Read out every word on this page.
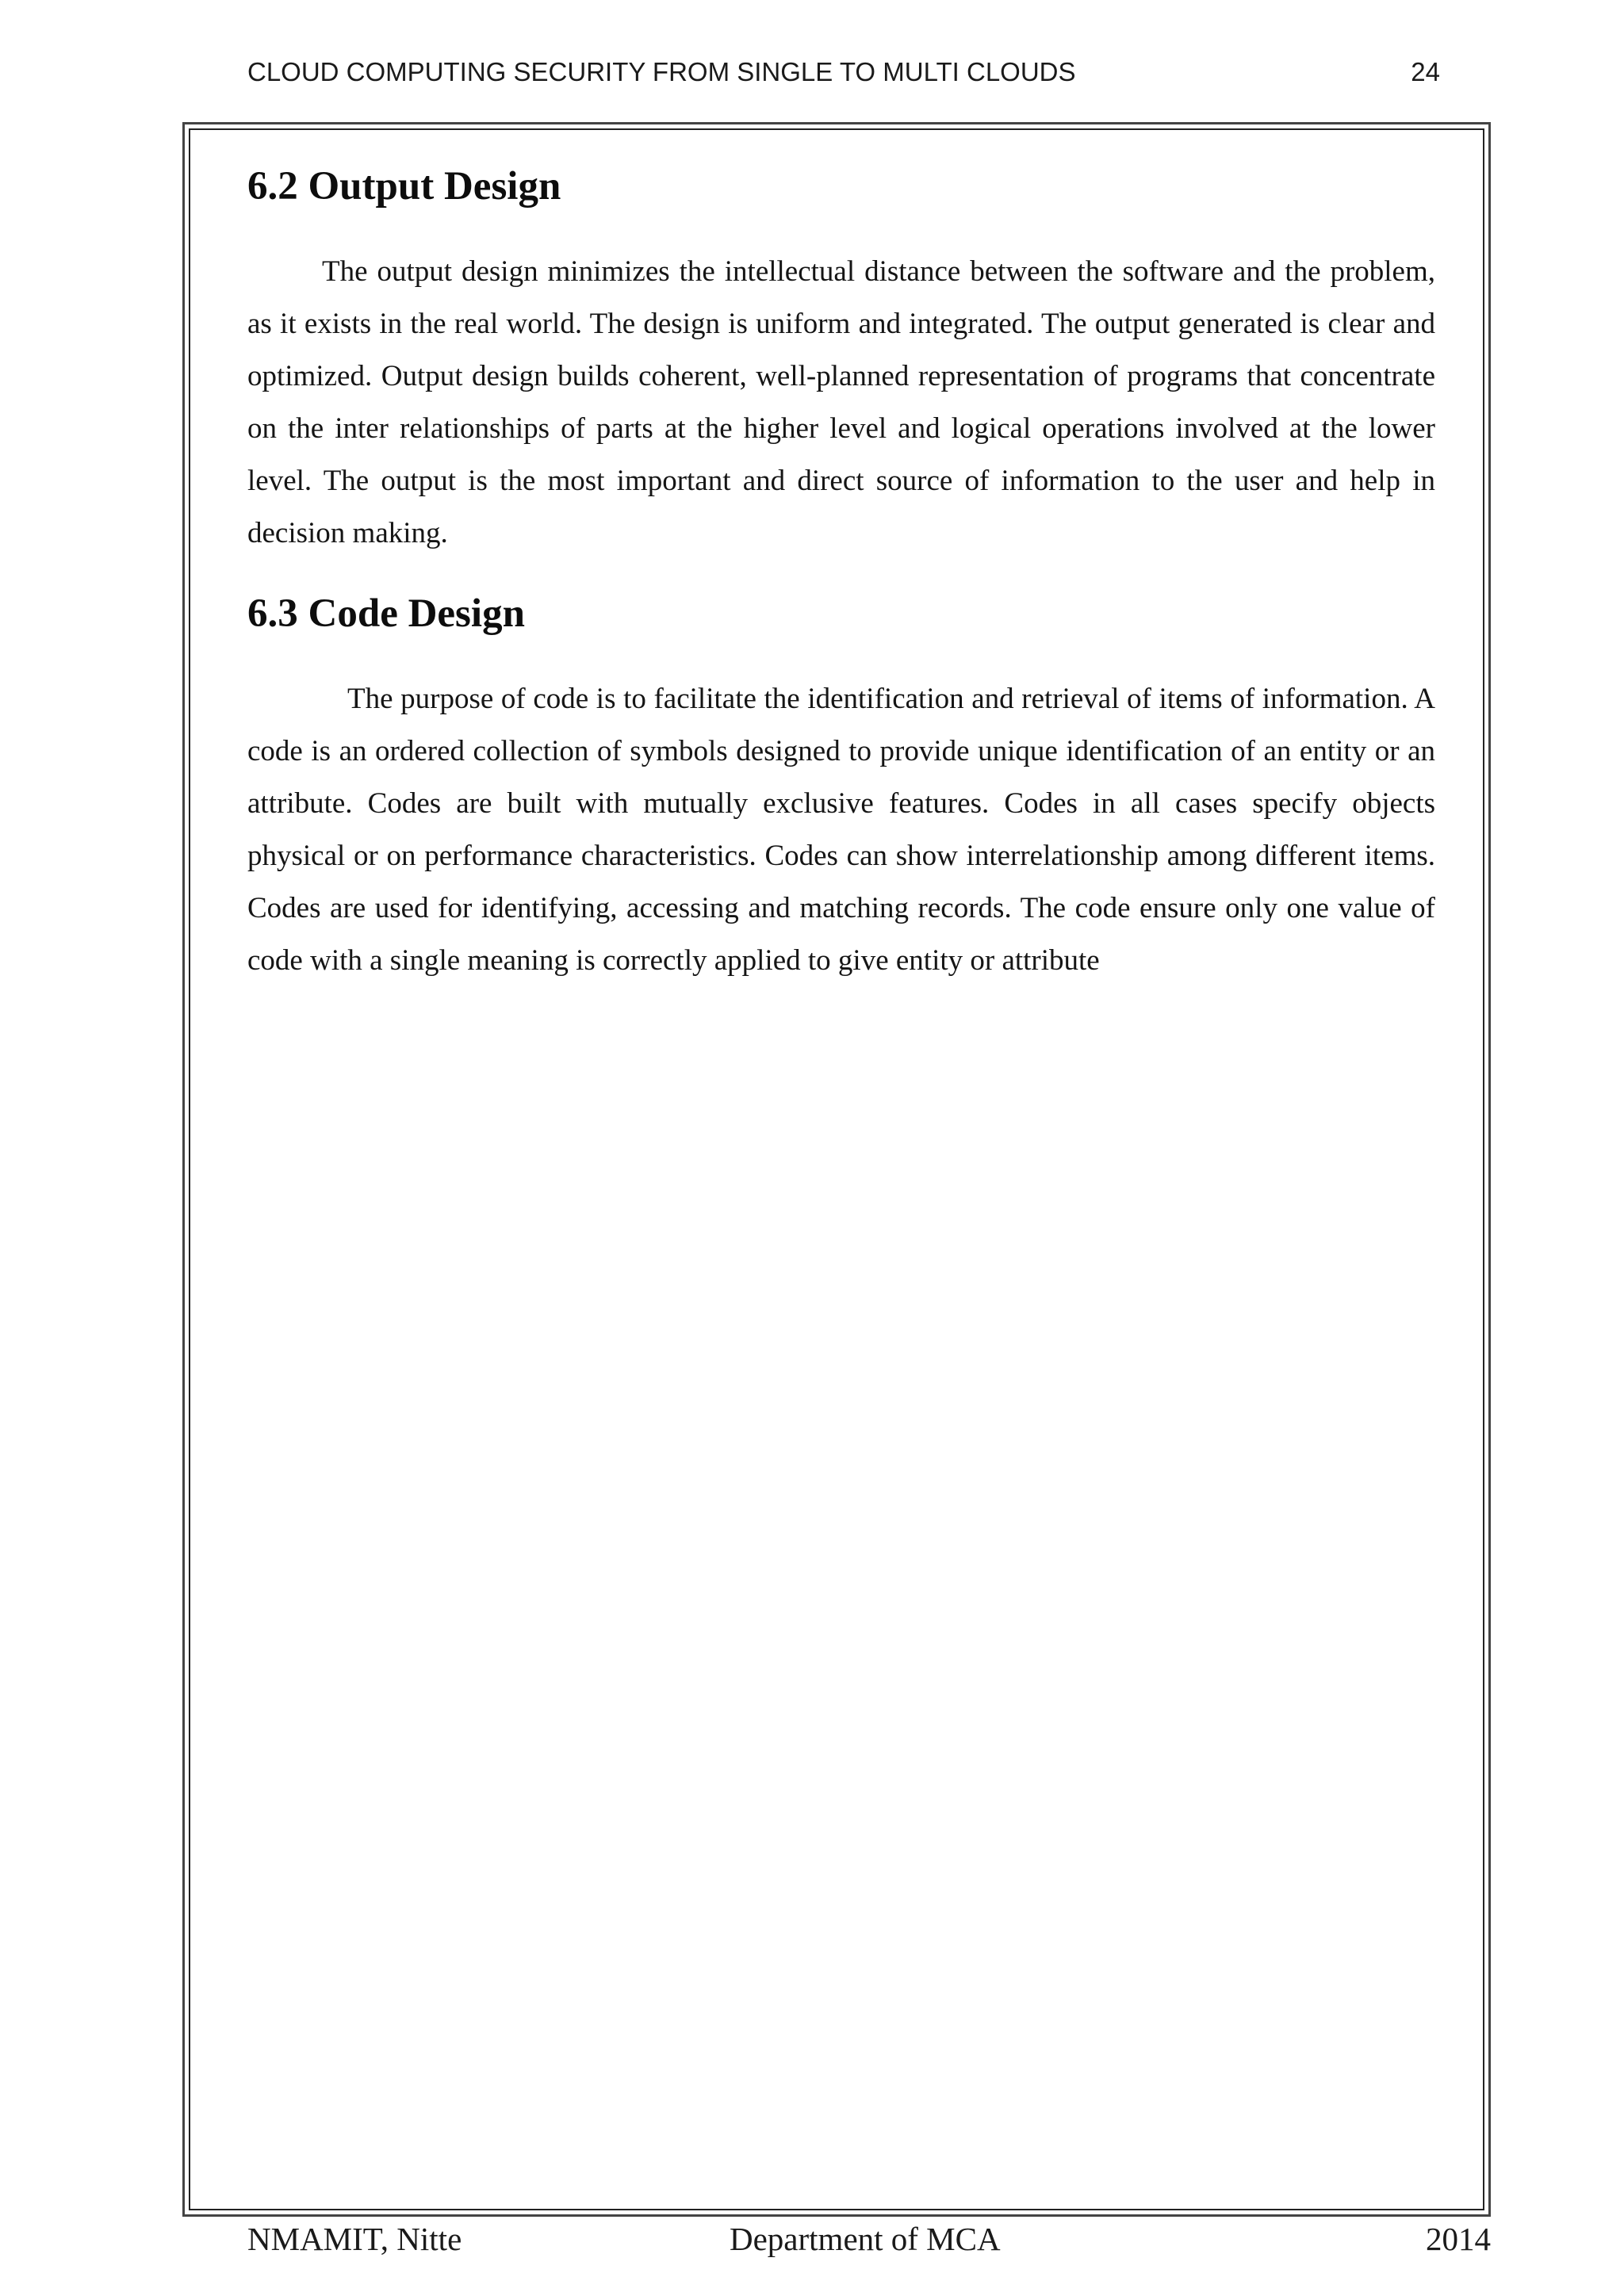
CLOUD COMPUTING SECURITY FROM SINGLE TO MULTI CLOUDS	24
6.2 Output Design

The output design minimizes the intellectual distance between the software and the problem, as it exists in the real world. The design is uniform and integrated. The output generated is clear and optimized. Output design builds coherent, well-planned representation of programs that concentrate on the inter relationships of parts at the higher level and logical operations involved at the lower level. The output is the most important and direct source of information to the user and help in decision making.

6.3 Code Design

The purpose of code is to facilitate the identification and retrieval of items of information. A code is an ordered collection of symbols designed to provide unique identification of an entity or an attribute. Codes are built with mutually exclusive features. Codes in all cases specify objects physical or on performance characteristics. Codes can show interrelationship among different items. Codes are used for identifying, accessing and matching records. The code ensure only one value of code with a single meaning is correctly applied to give entity or attribute

NMAMIT, Nitte	Department of MCA	2014
